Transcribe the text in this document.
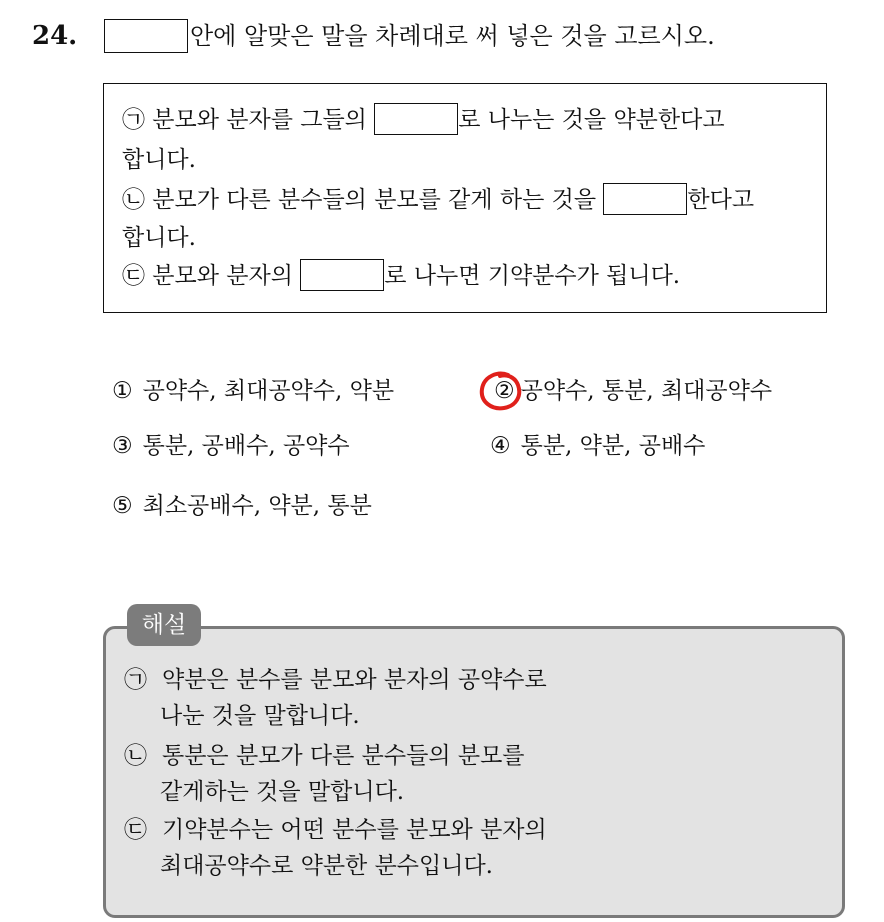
24.	안에 알맞은 말을 차례대로 써 넣은 것을 고르시오.
㉠ 분모와 분자를 그들의	로 나누는 것을 약분한다고
합니다.
㉡ 분모가 다른 분수들의 분모를 같게 하는 것을	한다고
합니다.
㉢ 분모와 분자의	로 나누면 기약분수가 됩니다.
① 공약수, 최대공약수, 약분	② 공약수, 통분, 최대공약수
③ 통분, 공배수, 공약수	④ 통분, 약분, 공배수
⑤ 최소공배수, 약분, 통분
해설
㉠ 약분은 분수를 분모와 분자의 공약수로
나눈 것을 말합니다.
㉡ 통분은 분모가 다른 분수들의 분모를
같게하는 것을 말합니다.
㉢ 기약분수는 어떤 분수를 분모와 분자의
최대공약수로 약분한 분수입니다.
